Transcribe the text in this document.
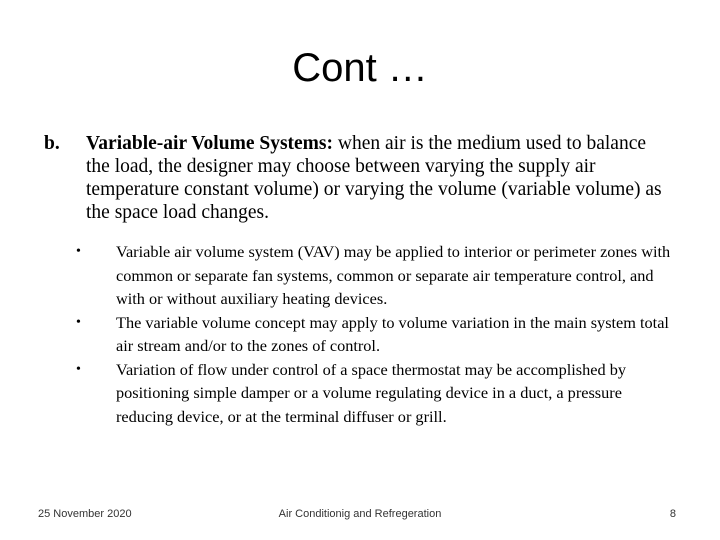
Cont …
b. Variable-air Volume Systems: when air is the medium used to balance the load, the designer may choose between varying the supply air temperature constant volume) or varying the volume (variable volume) as the space load changes.
• Variable air volume system (VAV) may be applied to interior or perimeter zones with common or separate fan systems, common or separate air temperature control, and with or without auxiliary heating devices.
• The variable volume concept may apply to volume variation in the main system total air stream and/or to the zones of control.
• Variation of flow under control of a space thermostat may be accomplished by positioning simple damper or a volume regulating device in a duct, a pressure reducing device, or at the terminal diffuser or grill.
25 November 2020	Air Conditionig and Refregeration	8
